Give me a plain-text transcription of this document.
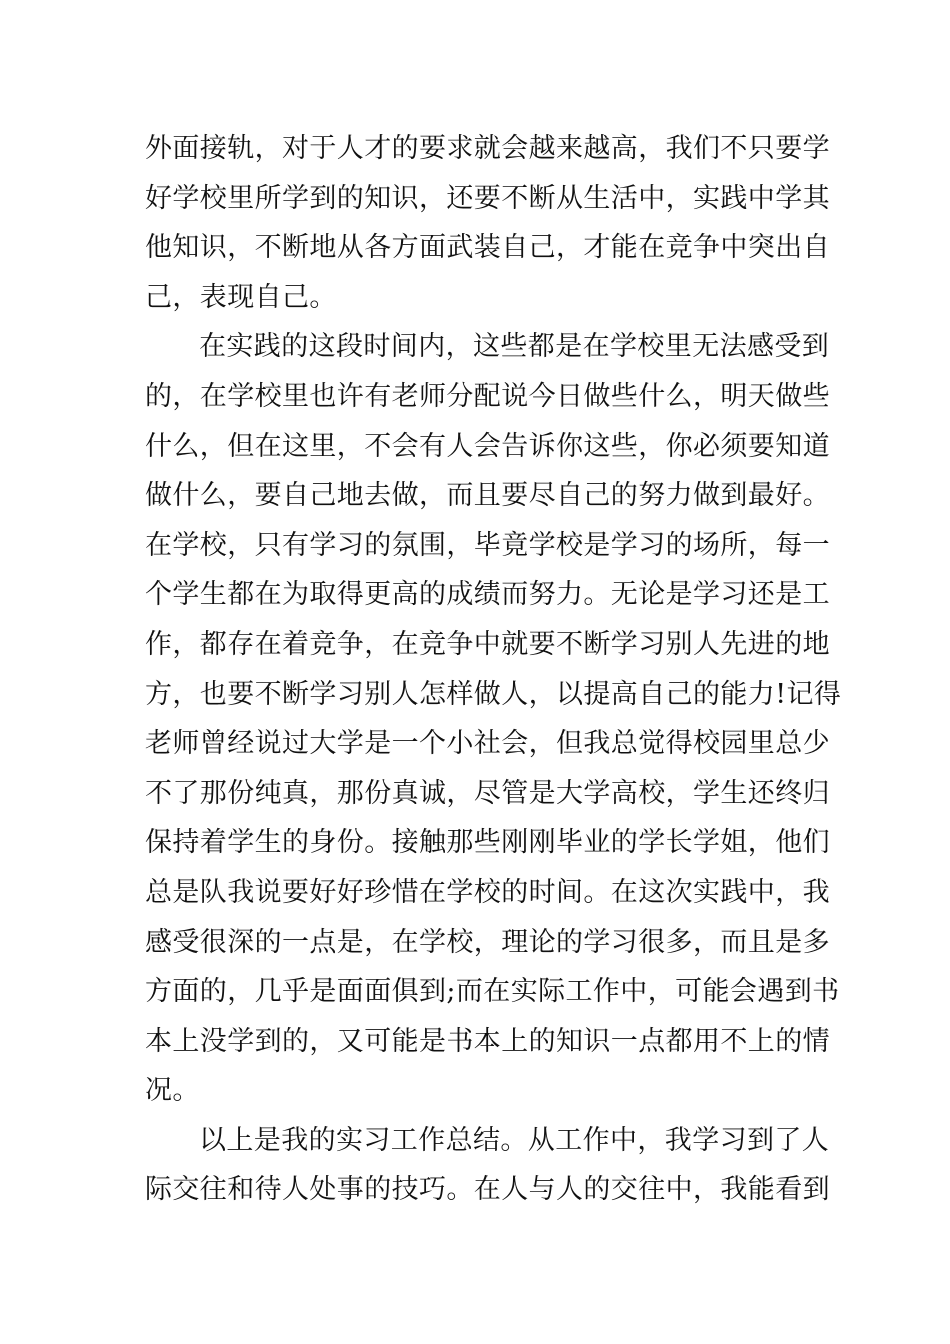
外面接轨，对于人才的要求就会越来越高，我们不只要学
好学校里所学到的知识，还要不断从生活中，实践中学其
他知识，不断地从各方面武装自己，才能在竞争中突出自
己，表现自己。
在实践的这段时间内，这些都是在学校里无法感受到
的，在学校里也许有老师分配说今日做些什么，明天做些
什么，但在这里，不会有人会告诉你这些，你必须要知道
做什么，要自己地去做，而且要尽自己的努力做到最好。
在学校，只有学习的氛围，毕竟学校是学习的场所，每一
个学生都在为取得更高的成绩而努力。无论是学习还是工
作，都存在着竞争，在竞争中就要不断学习别人先进的地
方，也要不断学习别人怎样做人，以提高自己的能力!记得
老师曾经说过大学是一个小社会，但我总觉得校园里总少
不了那份纯真，那份真诚，尽管是大学高校，学生还终归
保持着学生的身份。接触那些刚刚毕业的学长学姐，他们
总是队我说要好好珍惜在学校的时间。在这次实践中，我
感受很深的一点是，在学校，理论的学习很多，而且是多
方面的，几乎是面面俱到;而在实际工作中，可能会遇到书
本上没学到的，又可能是书本上的知识一点都用不上的情
况。
以上是我的实习工作总结。从工作中，我学习到了人
际交往和待人处事的技巧。在人与人的交往中，我能看到
